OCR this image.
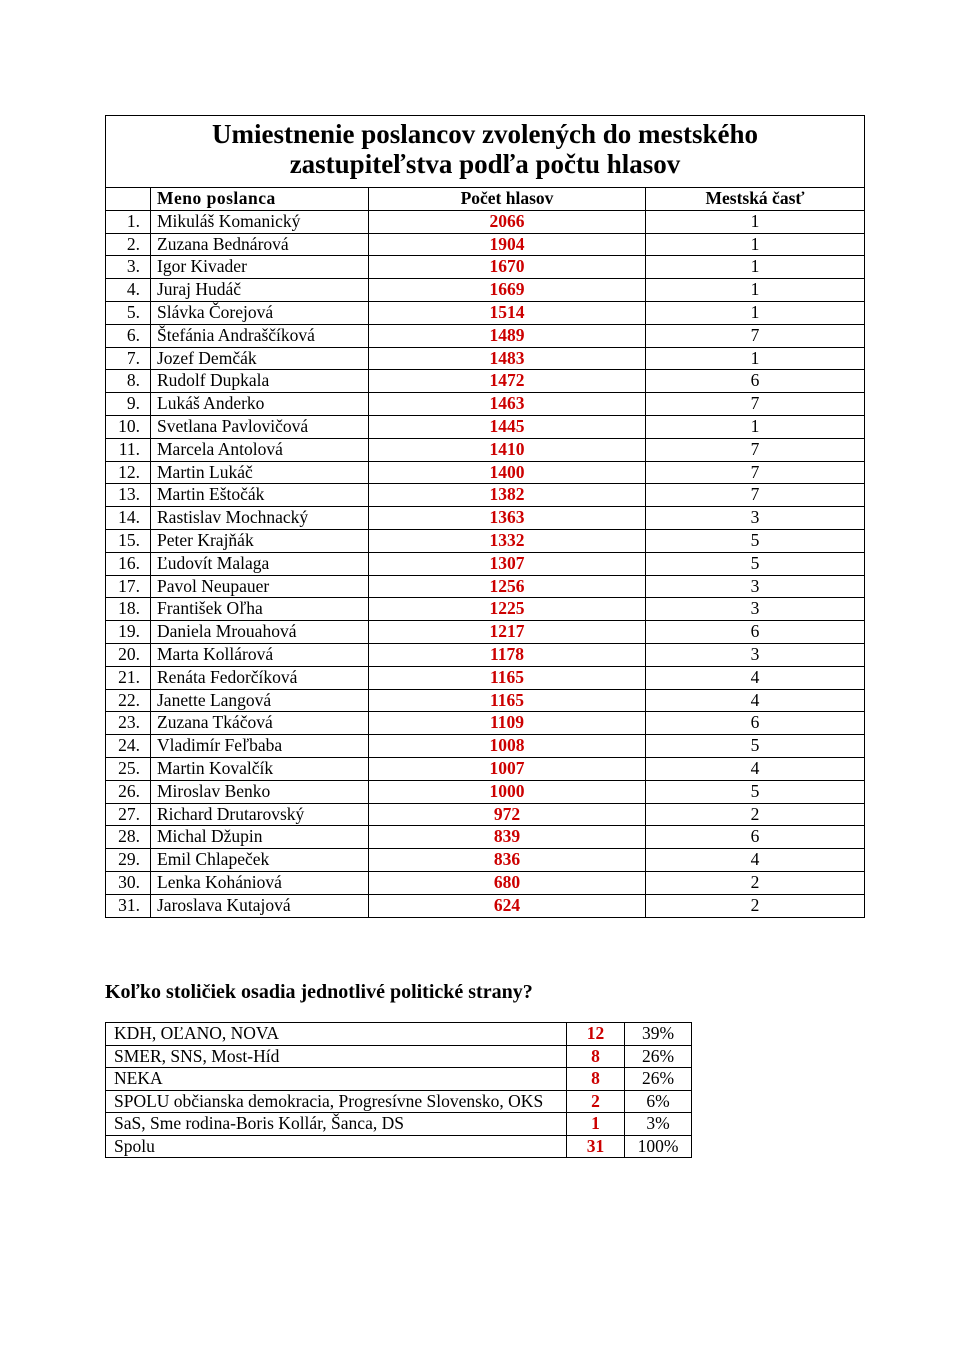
Umiestnenie poslancov zvolených do mestského
zastupiteľstva podľa počtu hlasov			

	Meno poslanca	Počet hlasov	Mestská časť
1.	Mikuláš Komanický	2066	1
2.	Zuzana Bednárová	1904	1
3.	Igor Kivader	1670	1
4.	Juraj Hudáč	1669	1
5.	Slávka Čorejová	1514	1
6.	Štefánia Andraščíková	1489	7
7.	Jozef Demčák	1483	1
8.	Rudolf Dupkala	1472	6
9.	Lukáš Anderko	1463	7
10.	Svetlana Pavlovičová	1445	1
11.	Marcela Antolová	1410	7
12.	Martin Lukáč	1400	7
13.	Martin Eštočák	1382	7
14.	Rastislav Mochnacký	1363	3
15.	Peter Krajňák	1332	5
16.	Ľudovít Malaga	1307	5
17.	Pavol Neupauer	1256	3
18.	František Oľha	1225	3
19.	Daniela Mrouahová	1217	6
20.	Marta Kollárová	1178	3
21.	Renáta Fedorčíková	1165	4
22.	Janette Langová	1165	4
23.	Zuzana Tkáčová	1109	6
24.	Vladimír Feľbaba	1008	5
25.	Martin Kovalčík	1007	4
26.	Miroslav Benko	1000	5
27.	Richard Drutarovský	972	2
28.	Michal Džupin	839	6
29.	Emil Chlapeček	836	4
30.	Lenka Kohániová	680	2
31.	Jaroslava Kutajová	624	2
Koľko stoličiek osadia jednotlivé politické strany?
KDH, OĽANO, NOVA	12	39%
SMER, SNS, Most-Híd	8	26%
NEKA	8	26%
SPOLU občianska demokracia, Progresívne Slovensko, OKS	2	6%
SaS, Sme rodina-Boris Kollár, Šanca, DS	1	3%
Spolu	31	100%
